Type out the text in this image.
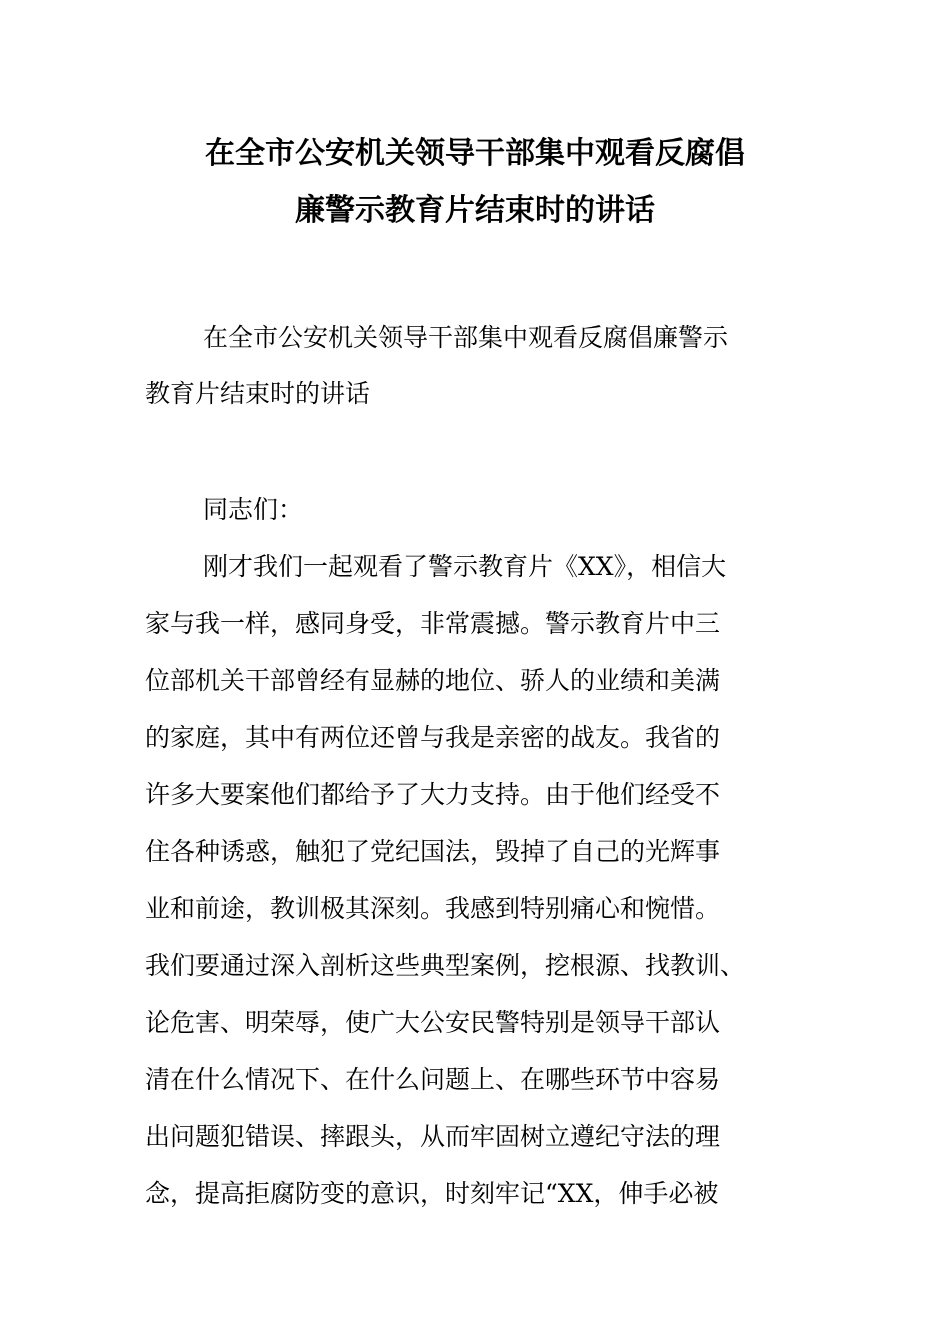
在全市公安机关领导干部集中观看反腐倡
廉警示教育片结束时的讲话
在全市公安机关领导干部集中观看反腐倡廉警示
教育片结束时的讲话
同志们：
刚才我们一起观看了警示教育片《XX》，相信大
家与我一样，感同身受，非常震撼。警示教育片中三
位部机关干部曾经有显赫的地位、骄人的业绩和美满
的家庭，其中有两位还曾与我是亲密的战友。我省的
许多大要案他们都给予了大力支持。由于他们经受不
住各种诱惑，触犯了党纪国法，毁掉了自己的光辉事
业和前途，教训极其深刻。我感到特别痛心和惋惜。
我们要通过深入剖析这些典型案例，挖根源、找教训、
论危害、明荣辱，使广大公安民警特别是领导干部认
清在什么情况下、在什么问题上、在哪些环节中容易
出问题犯错误、摔跟头，从而牢固树立遵纪守法的理
念，提高拒腐防变的意识，时刻牢记“XX，伸手必被
